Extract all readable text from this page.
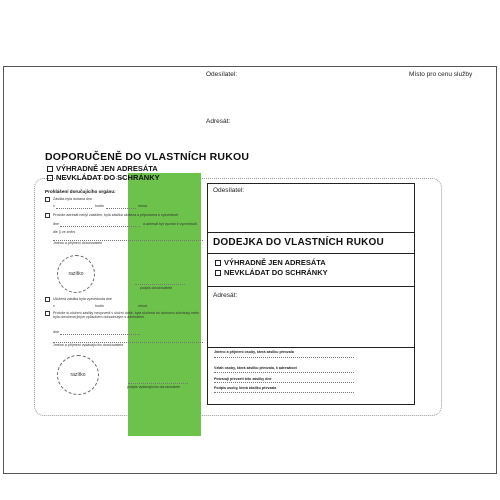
Odesílatel:	Místo pro cenu služby
Adresát:
DOPORUČENĚ DO VLASTNÍCH RUKOU
VÝHRADNĚ JEN ADRESÁTA
NEVKLÁDAT DO SCHRÁNKY
Prohlášení doručujícího orgánu:
Zásilka byla dodána dne
v	hodin	minut.
Protože adresát nebyl zastižen, byla zásilka uložena a připravena k vyzvednutí
dne	a adresát byl vyzván k vyzvednutí
dle § ve znění
Jméno a příjmení doručovatele
razítko
podpis doručovatele
Uložená zásilka byla vyzvednuta dne
v	hodin	minut.
Protože si uložení zásilky nevyzvedl v uložní době, byla uložena do domovní schránky nebo byla doručena jiným způsobem dohodnutým s adresátem
dne
Jméno a příjmení vydávajícího doručovatele
razítko
podpis vydávajícího doručovatele
Odesílatel:
DODEJKA DO VLASTNÍCH RUKOU
VÝHRADNĚ JEN ADRESÁTA
NEVKLÁDAT DO SCHRÁNKY
Adresát:
Jméno a příjmení osoby, která zásilku převzala
Vztah osoby, která zásilku převzala, k adresátovi
Potvrzují převzetí této zásilky dne
Podpis osoby, která zásilku převzala
